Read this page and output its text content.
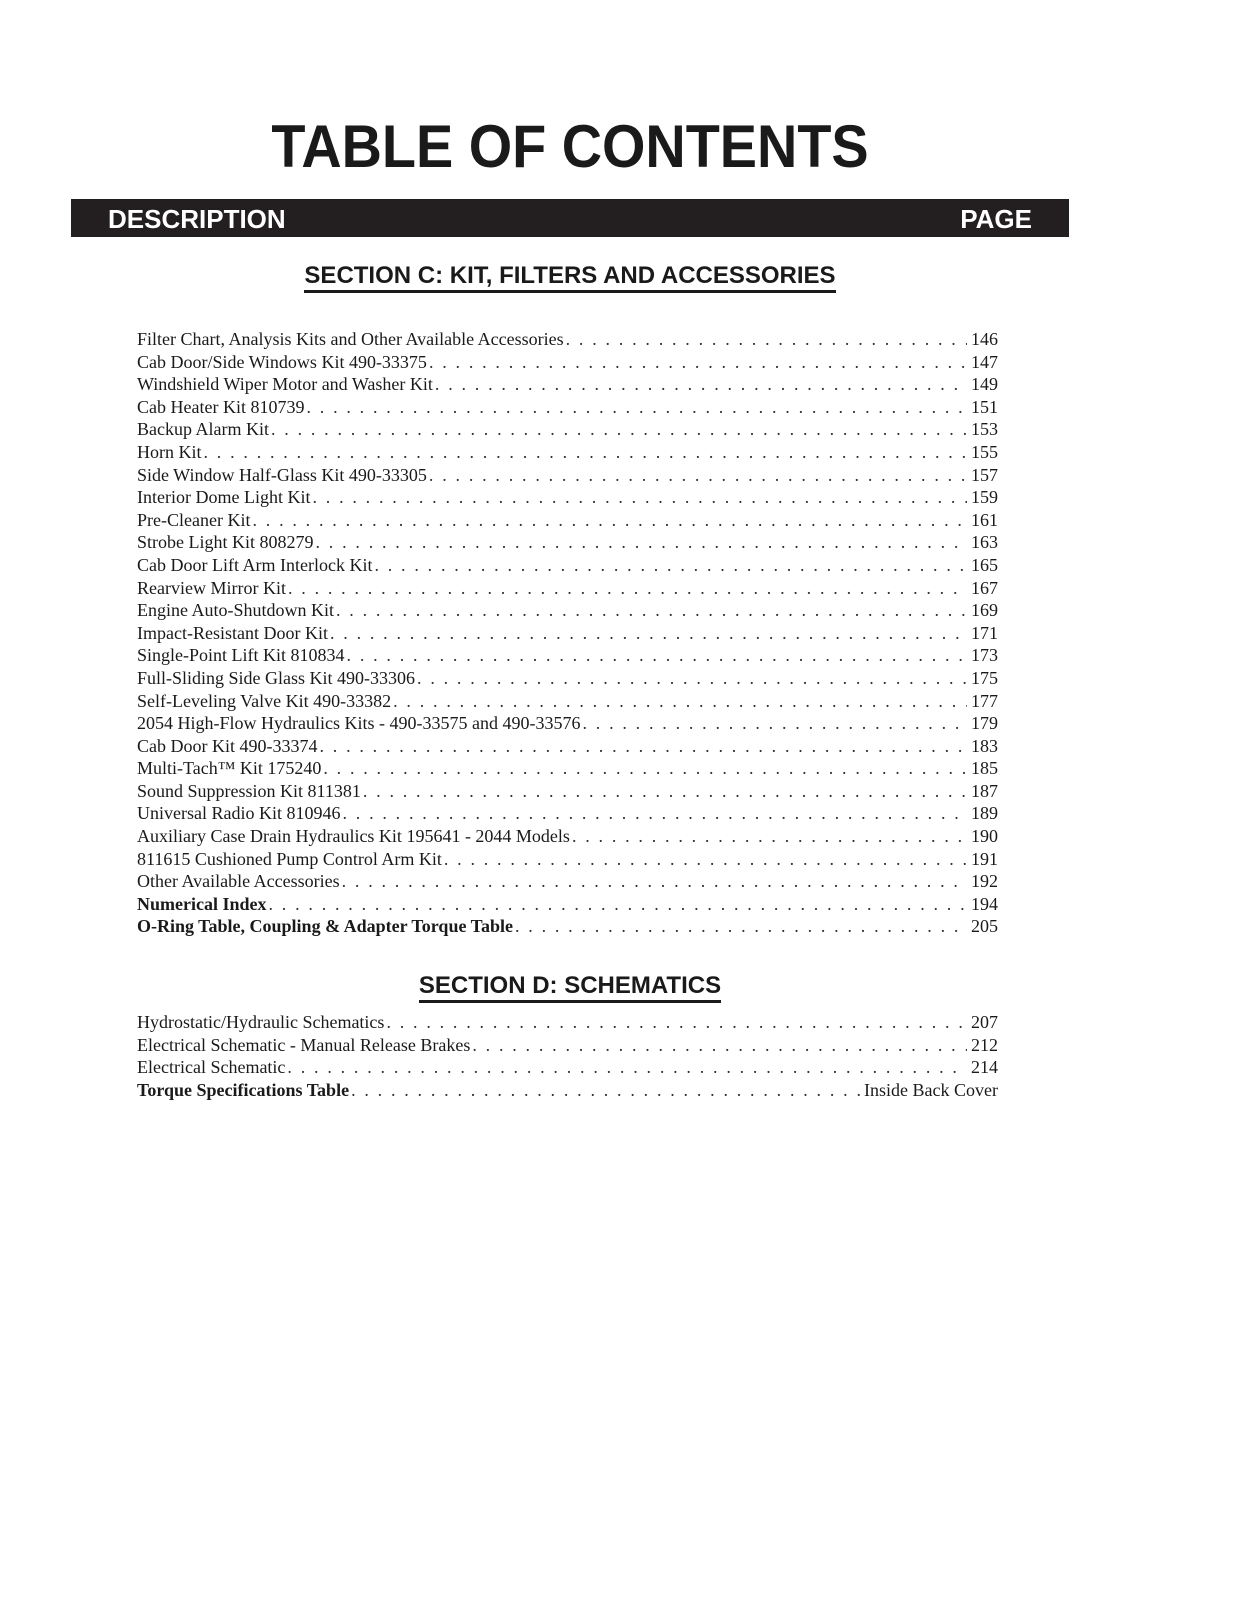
TABLE OF CONTENTS
DESCRIPTION	PAGE
SECTION C: KIT, FILTERS AND ACCESSORIES
Filter Chart, Analysis Kits and Other Available Accessories . . .	146
Cab Door/Side Windows Kit 490-33375 . . .	147
Windshield Wiper Motor and Washer Kit . . .	149
Cab Heater Kit 810739 . . .	151
Backup Alarm Kit . . .	153
Horn Kit . . .	155
Side Window Half-Glass Kit 490-33305 . . .	157
Interior Dome Light Kit . . .	159
Pre-Cleaner Kit . . .	161
Strobe Light Kit 808279 . . .	163
Cab Door Lift Arm Interlock Kit . . .	165
Rearview Mirror Kit . . .	167
Engine Auto-Shutdown Kit . . .	169
Impact-Resistant Door Kit . . .	171
Single-Point Lift Kit 810834 . . .	173
Full-Sliding Side Glass Kit 490-33306 . . .	175
Self-Leveling Valve Kit 490-33382 . . .	177
2054 High-Flow Hydraulics Kits - 490-33575 and 490-33576 . . .	179
Cab Door Kit 490-33374 . . .	183
Multi-Tach™ Kit 175240 . . .	185
Sound Suppression Kit 811381 . . .	187
Universal Radio Kit 810946 . . .	189
Auxiliary Case Drain Hydraulics Kit 195641 - 2044 Models . . .	190
811615 Cushioned Pump Control Arm Kit . . .	191
Other Available Accessories . . .	192
Numerical Index . . .	194
O-Ring Table, Coupling & Adapter Torque Table . . .	205
SECTION D: SCHEMATICS
Hydrostatic/Hydraulic Schematics . . .	207
Electrical Schematic - Manual Release Brakes . . .	212
Electrical Schematic . . .	214
Torque Specifications Table . . .	Inside Back Cover
